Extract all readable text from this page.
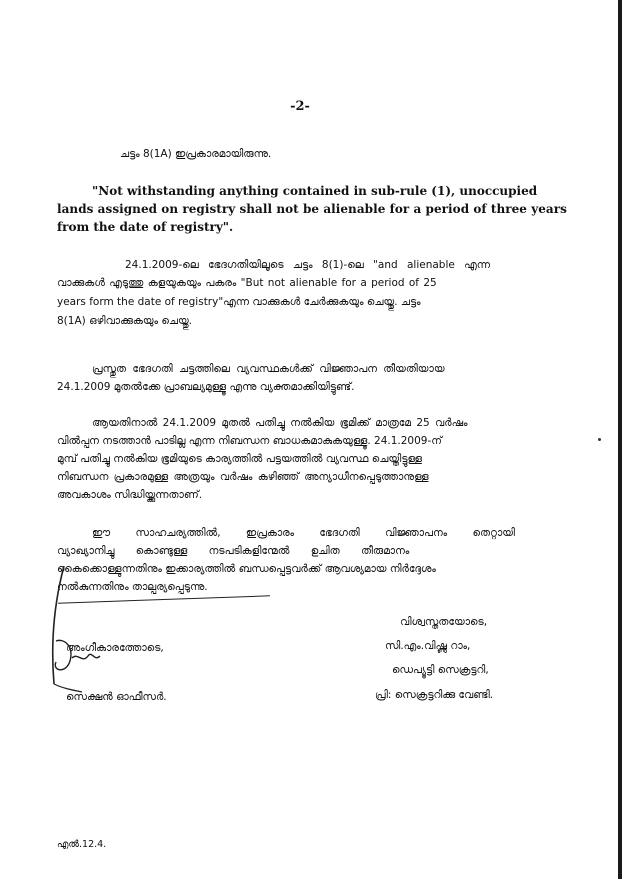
-2-
ചട്ടം 8(1A) ഇപ്രകാരമായിരുന്നു.
"Not withstanding anything contained in sub-rule (1), unoccupied
lands assigned on registry shall not be alienable for a period of three years
from the date of registry".
24.1.2009-ലെ ഭേദഗതിയിലൂടെ ചട്ടം 8(1)-ലെ "and alienable എന്ന
വാക്കുകൾ എടുത്തു കളയുകയും പകരം "But not alienable for a period of 25
years form the date of registry"എന്ന വാക്കുകൾ ചേർക്കുകയും ചെയ്തു. ചട്ടം
8(1A) ഒഴിവാക്കുകയും ചെയ്തു.
പ്രസ്തുത ഭേദഗതി ചട്ടത്തിലെ വ്യവസ്ഥകൾക്ക് വിജ്ഞാപന തീയതിയായ
24.1.2009 മുതൽക്കേ പ്രാബല്യമുള്ളൂ എന്നു വ്യക്തമാക്കിയിട്ടുണ്ട്.
ആയതിനാൽ 24.1.2009 മുതൽ പതിച്ചു നൽകിയ ഭൂമിക്ക് മാത്രമേ 25 വർഷം
വിൽപ്പന നടത്താൻ പാടില്ല എന്ന നിബന്ധന ബാധകമാകുകയുള്ളൂ. 24.1.2009-ന്
മുമ്പ് പതിച്ചു നൽകിയ ഭൂമിയുടെ കാര്യത്തിൽ പട്ടയത്തിൽ വ്യവസ്ഥ ചെയ്തിട്ടുള്ള
നിബന്ധന പ്രകാരമുള്ള അത്രയും വർഷം കഴിഞ്ഞ് അന്യാധീനപ്പെടുത്താനുള്ള
അവകാശം സിദ്ധിയ്ക്കുന്നതാണ്.
ഈ സാഹചര്യത്തിൽ, ഇപ്രകാരം ഭേദഗതി വിജ്ഞാപനം തെറ്റായി
വ്യാഖ്യാനിച്ചു കൊണ്ടുള്ള നടപടികളിന്മേൽ ഉചിത തീരുമാനം
കൈക്കൊള്ളുന്നതിനും ഇക്കാര്യത്തിൽ ബന്ധപ്പെട്ടവർക്ക് ആവശ്യമായ നിർദ്ദേശം
നൽകുന്നതിനും താല്പര്യപ്പെടുന്നു.
വിശ്വസ്തതയോടെ,
സി.എം.വിഷ്ണു റാം,
ഡെപ്യൂട്ടി സെക്രട്ടറി,
പ്രി: സെക്രട്ടറിക്കു വേണ്ടി.
അംഗീകാരത്തോടെ,
സെക്ഷൻ ഓഫീസർ.
എൽ.12.4.
